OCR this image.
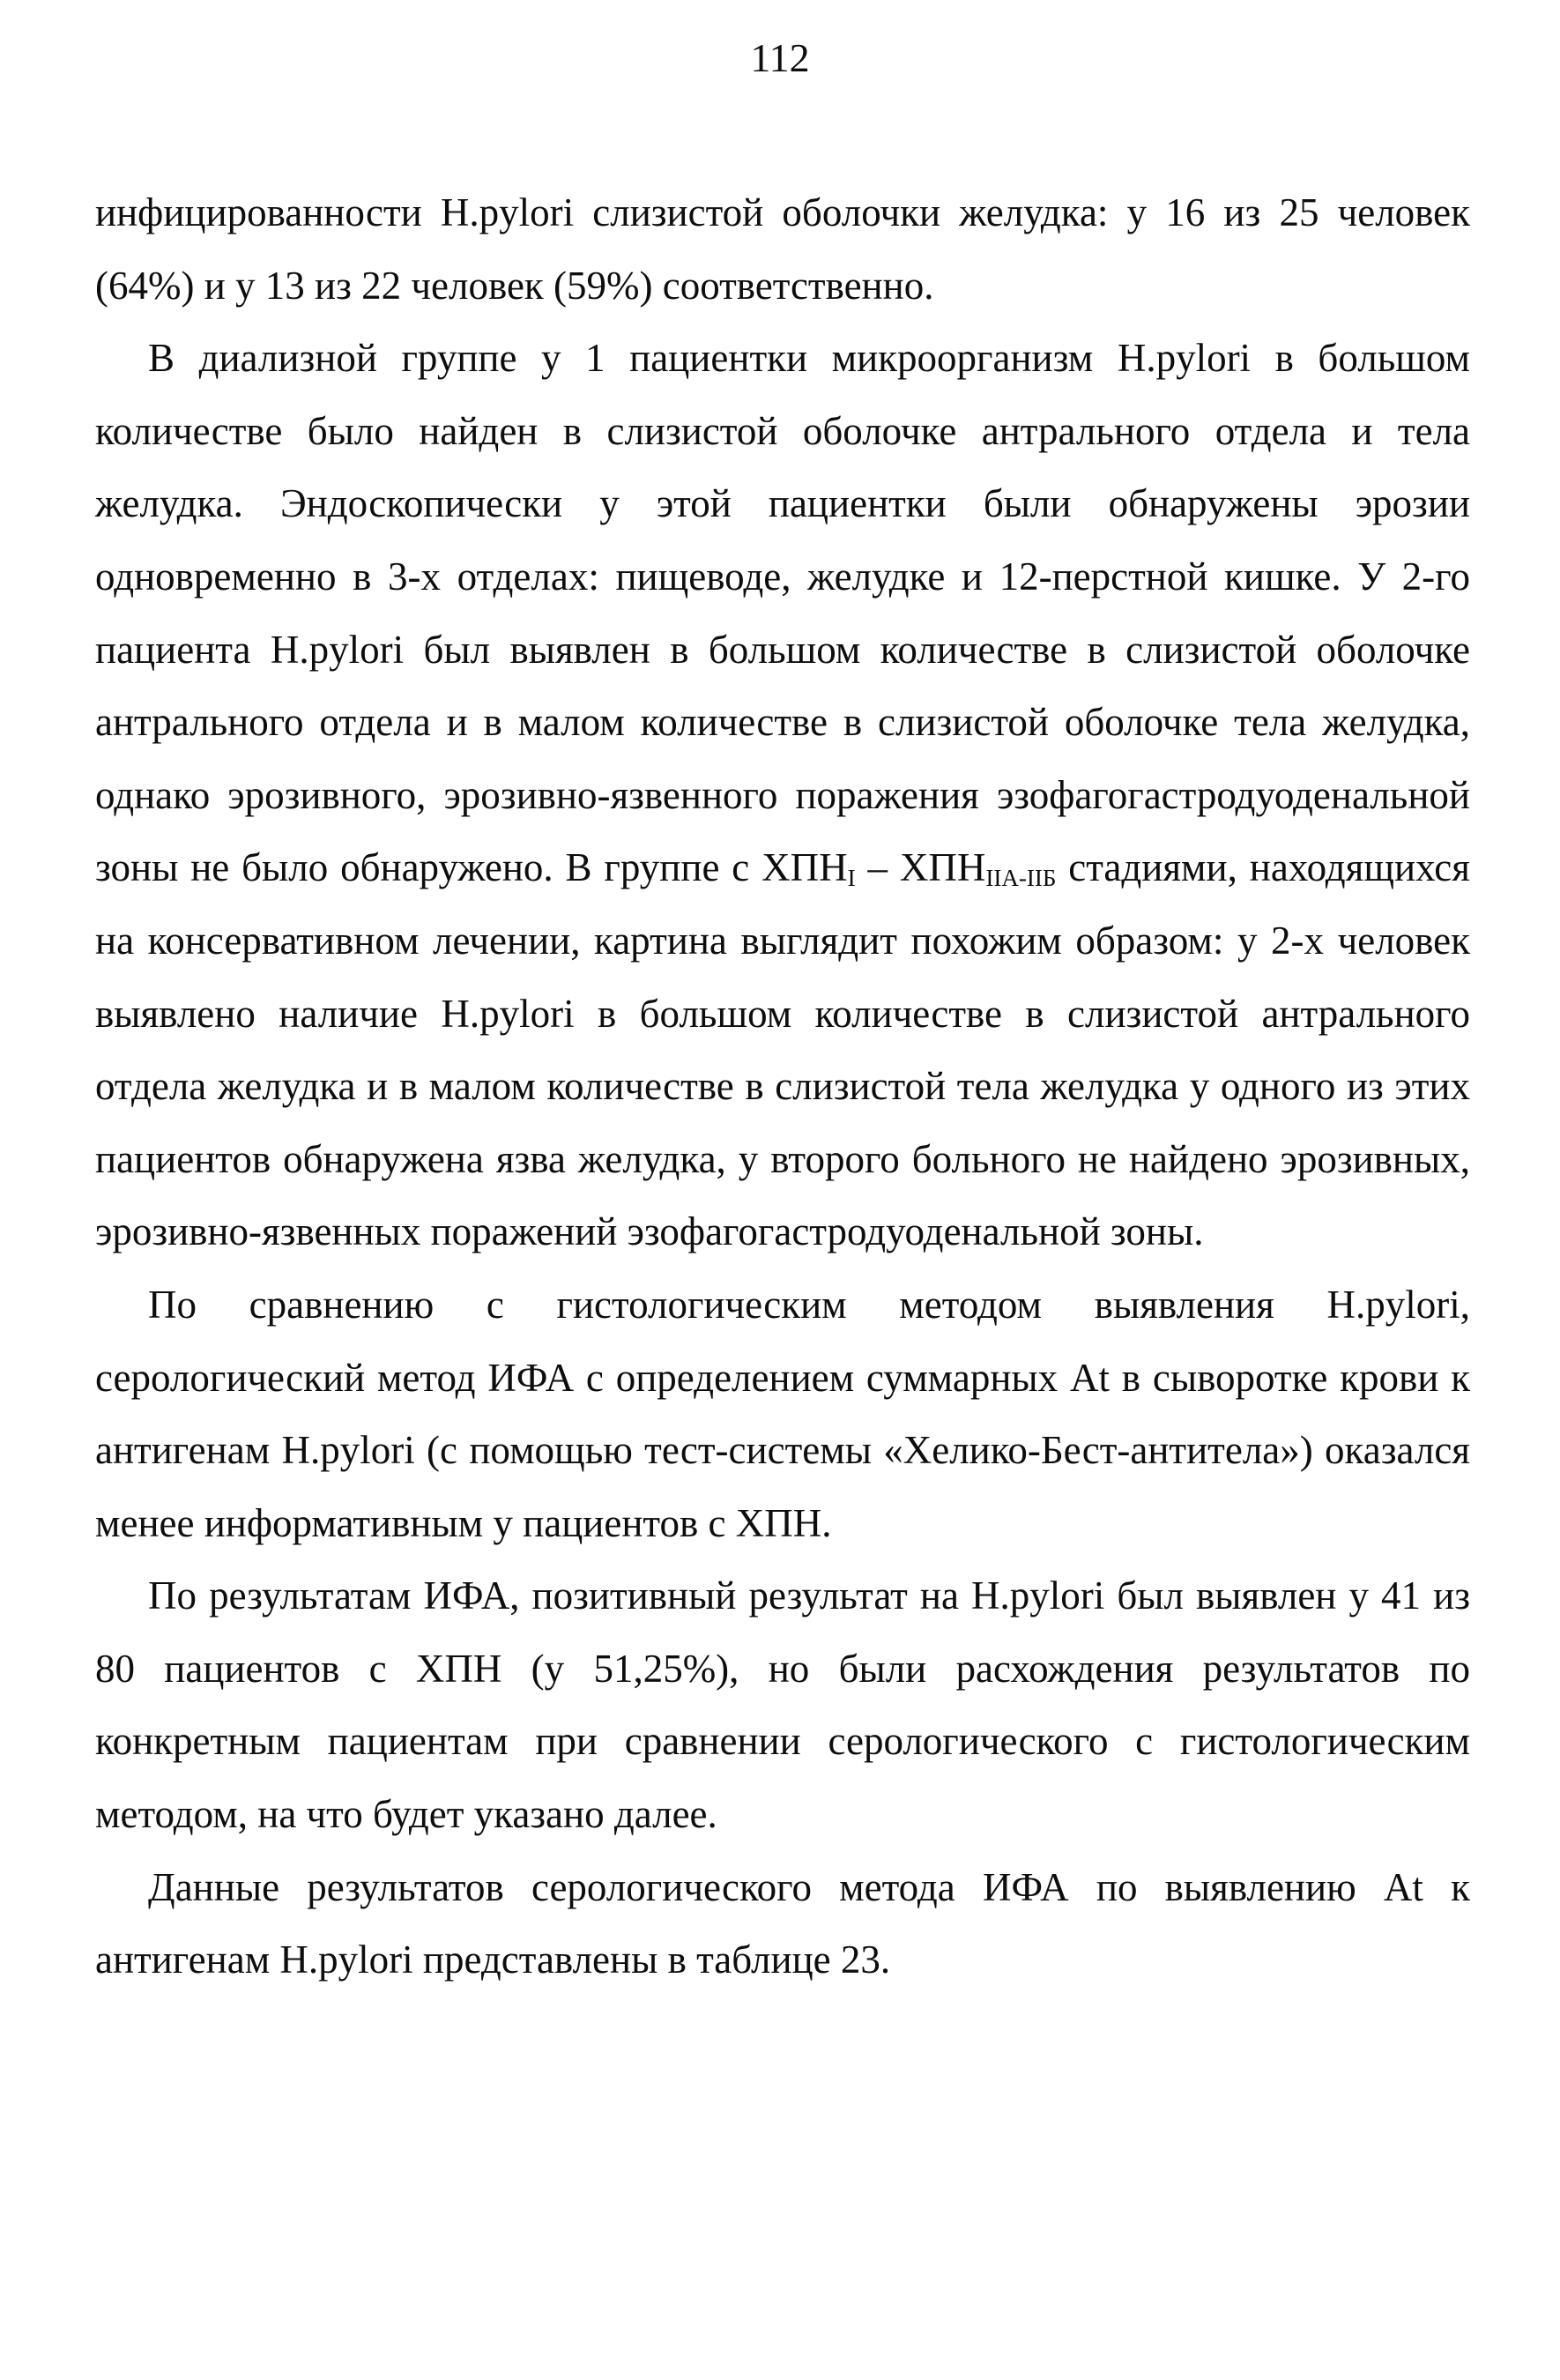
112

инфицированности H.pylori слизистой оболочки желудка: у 16 из 25 человек (64%) и у 13 из 22 человек (59%) соответственно.

В диализной группе у 1 пациентки микроорганизм H.pylori в большом количестве было найден в слизистой оболочке антрального отдела и тела желудка. Эндоскопически у этой пациентки были обнаружены эрозии одновременно в 3-х отделах: пищеводе, желудке и 12-перстной кишке. У 2-го пациента H.pylori был выявлен в большом количестве в слизистой оболочке антрального отдела и в малом количестве в слизистой оболочке тела желудка, однако эрозивного, эрозивно-язвенного поражения эзофагогастродуоденальной зоны не было обнаружено. В группе с $ХПН_I - ХПН_{IIA-IIБ}$ стадиями, находящихся на консервативном лечении, картина выглядит похожим образом: у 2-х человек выявлено наличие H.pylori в большом количестве в слизистой антрального отдела желудка и в малом количестве в слизистой тела желудка у одного из этих пациентов обнаружена язва желудка, у второго больного не найдено эрозивных, эрозивно-язвенных поражений эзофагогастродуоденальной зоны.

По сравнению с гистологическим методом выявления H.pylori, серологический метод ИФА с определением суммарных At в сыворотке крови к антигенам H.pylori (с помощью тест-системы «Хелико-Бест-антитела») оказался менее информативным у пациентов с ХПН.

По результатам ИФА, позитивный результат на H.pylori был выявлен у 41 из 80 пациентов с ХПН (у 51,25%), но были расхождения результатов по конкретным пациентам при сравнении серологического с гистологическим методом, на что будет указано далее.

Данные результатов серологического метода ИФА по выявлению At к антигенам H.pylori представлены в таблице 23.
